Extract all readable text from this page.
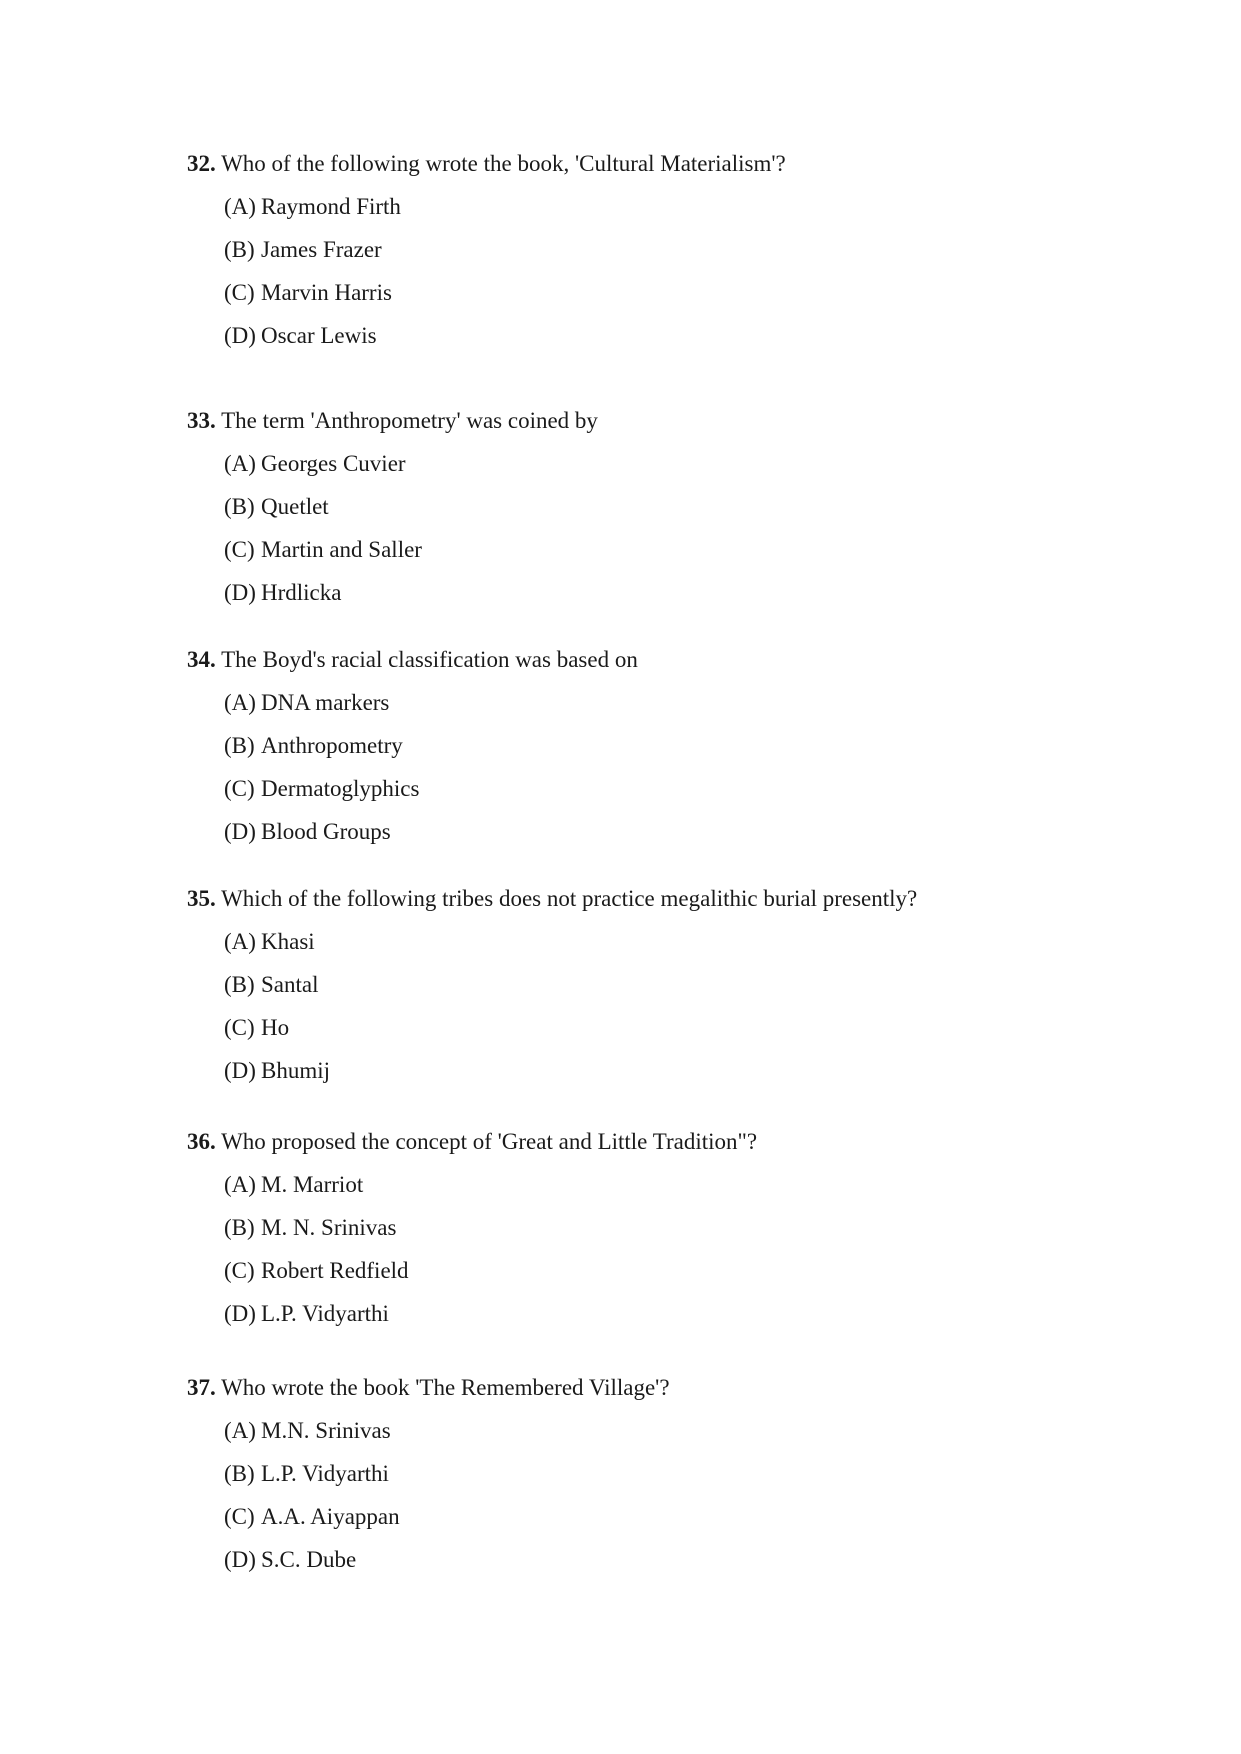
32. Who of the following wrote the book, 'Cultural Materialism'?
(A) Raymond Firth
(B) James Frazer
(C) Marvin Harris
(D) Oscar Lewis
33. The term 'Anthropometry' was coined by
(A) Georges Cuvier
(B) Quetlet
(C) Martin and Saller
(D) Hrdlicka
34. The Boyd's racial classification was based on
(A) DNA markers
(B) Anthropometry
(C) Dermatoglyphics
(D) Blood Groups
35. Which of the following tribes does not practice megalithic burial presently?
(A) Khasi
(B) Santal
(C) Ho
(D) Bhumij
36. Who proposed the concept of 'Great and Little Tradition"?
(A) M. Marriot
(B) M. N. Srinivas
(C) Robert Redfield
(D) L.P. Vidyarthi
37. Who wrote the book 'The Remembered Village'?
(A) M.N. Srinivas
(B) L.P. Vidyarthi
(C) A.A. Aiyappan
(D) S.C. Dube
